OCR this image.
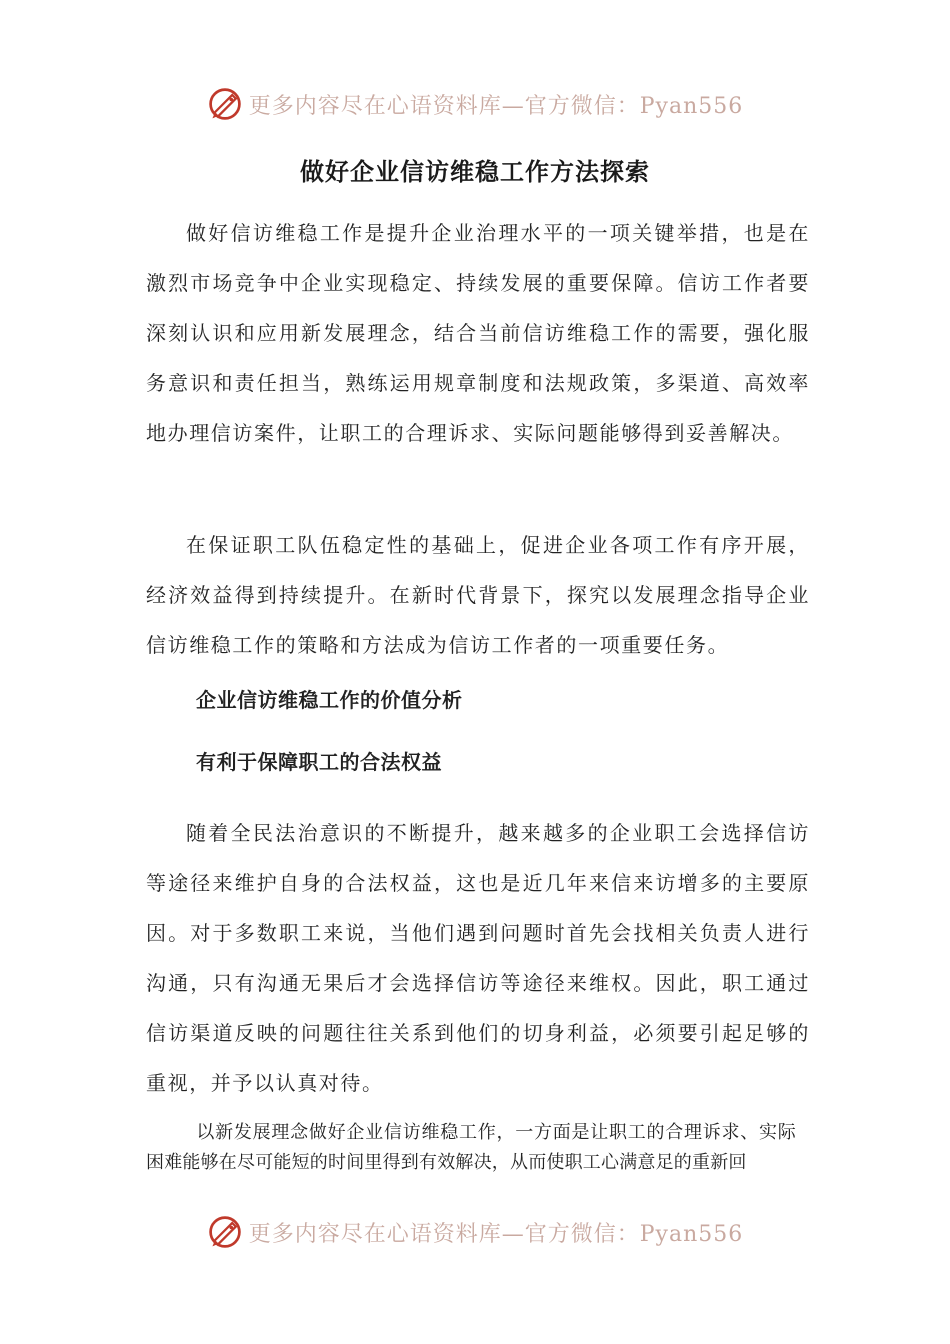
更多内容尽在心语资料库—官方微信：Pyan556
做好企业信访维稳工作方法探索

做好信访维稳工作是提升企业治理水平的一项关键举措，也是在激烈市场竞争中企业实现稳定、持续发展的重要保障。信访工作者要深刻认识和应用新发展理念，结合当前信访维稳工作的需要，强化服务意识和责任担当，熟练运用规章制度和法规政策，多渠道、高效率地办理信访案件，让职工的合理诉求、实际问题能够得到妥善解决。

在保证职工队伍稳定性的基础上，促进企业各项工作有序开展，经济效益得到持续提升。在新时代背景下，探究以发展理念指导企业信访维稳工作的策略和方法成为信访工作者的一项重要任务。

企业信访维稳工作的价值分析
有利于保障职工的合法权益

随着全民法治意识的不断提升，越来越多的企业职工会选择信访等途径来维护自身的合法权益，这也是近几年来信来访增多的主要原因。对于多数职工来说，当他们遇到问题时首先会找相关负责人进行沟通，只有沟通无果后才会选择信访等途径来维权。因此，职工通过信访渠道反映的问题往往关系到他们的切身利益，必须要引起足够的重视，并予以认真对待。

以新发展理念做好企业信访维稳工作，一方面是让职工的合理诉求、实际困难能够在尽可能短的时间里得到有效解决，从而使职工心满意足的重新回

更多内容尽在心语资料库—官方微信：Pyan556
